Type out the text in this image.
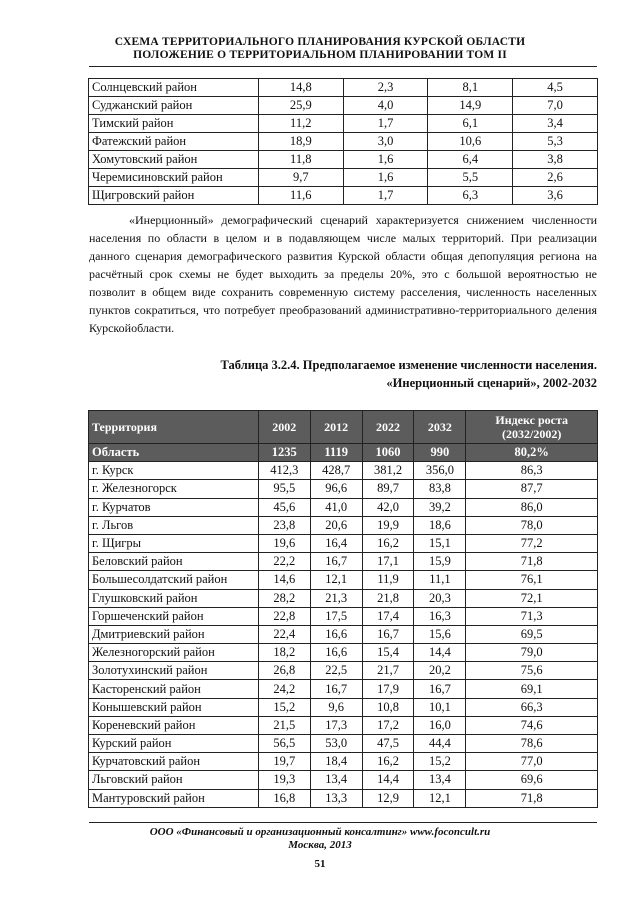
СХЕМА ТЕРРИТОРИАЛЬНОГО ПЛАНИРОВАНИЯ КУРСКОЙ ОБЛАСТИ
ПОЛОЖЕНИЕ О ТЕРРИТОРИАЛЬНОМ ПЛАНИРОВАНИИ ТОМ II
Солнцевский район	14,8	2,3	8,1	4,5
Суджанский район	25,9	4,0	14,9	7,0
Тимский район	11,2	1,7	6,1	3,4
Фатежский район	18,9	3,0	10,6	5,3
Хомутовский район	11,8	1,6	6,4	3,8
Черемисиновский район	9,7	1,6	5,5	2,6
Щигровский район	11,6	1,7	6,3	3,6

«Инерционный» демографический сценарий характеризуется снижением численности населения по области в целом и в подавляющем числе малых территорий. При реализации данного сценария демографического развития Курской области общая депопуляция региона на расчётный срок схемы не будет выходить за пределы 20%, это с большой вероятностью не позволит в общем виде сохранить современную систему расселения, численность населенных пунктов сократиться, что потребует преобразований административно-территориального деления Курскойобласти.

Таблица 3.2.4. Предполагаемое изменение численности населения.
«Инерционный сценарий», 2002-2032
Территория	2002	2012	2022	2032	Индекс роста (2032/2002)
Область	1235	1119	1060	990	80,2%
г. Курск	412,3	428,7	381,2	356,0	86,3
г. Железногорск	95,5	96,6	89,7	83,8	87,7
г. Курчатов	45,6	41,0	42,0	39,2	86,0
г. Льгов	23,8	20,6	19,9	18,6	78,0
г. Щигры	19,6	16,4	16,2	15,1	77,2
Беловский район	22,2	16,7	17,1	15,9	71,8
Большесолдатский район	14,6	12,1	11,9	11,1	76,1
Глушковский район	28,2	21,3	21,8	20,3	72,1
Горшеченский район	22,8	17,5	17,4	16,3	71,3
Дмитриевский район	22,4	16,6	16,7	15,6	69,5
Железногорский район	18,2	16,6	15,4	14,4	79,0
Золотухинский район	26,8	22,5	21,7	20,2	75,6
Касторенский район	24,2	16,7	17,9	16,7	69,1
Конышевский район	15,2	9,6	10,8	10,1	66,3
Кореневский район	21,5	17,3	17,2	16,0	74,6
Курский район	56,5	53,0	47,5	44,4	78,6
Курчатовский район	19,7	18,4	16,2	15,2	77,0
Льговский район	19,3	13,4	14,4	13,4	69,6
Мантуровский район	16,8	13,3	12,9	12,1	71,8
ООО «Финансовый и организационный консалтинг» www.foconcult.ru
Москва, 2013
51
